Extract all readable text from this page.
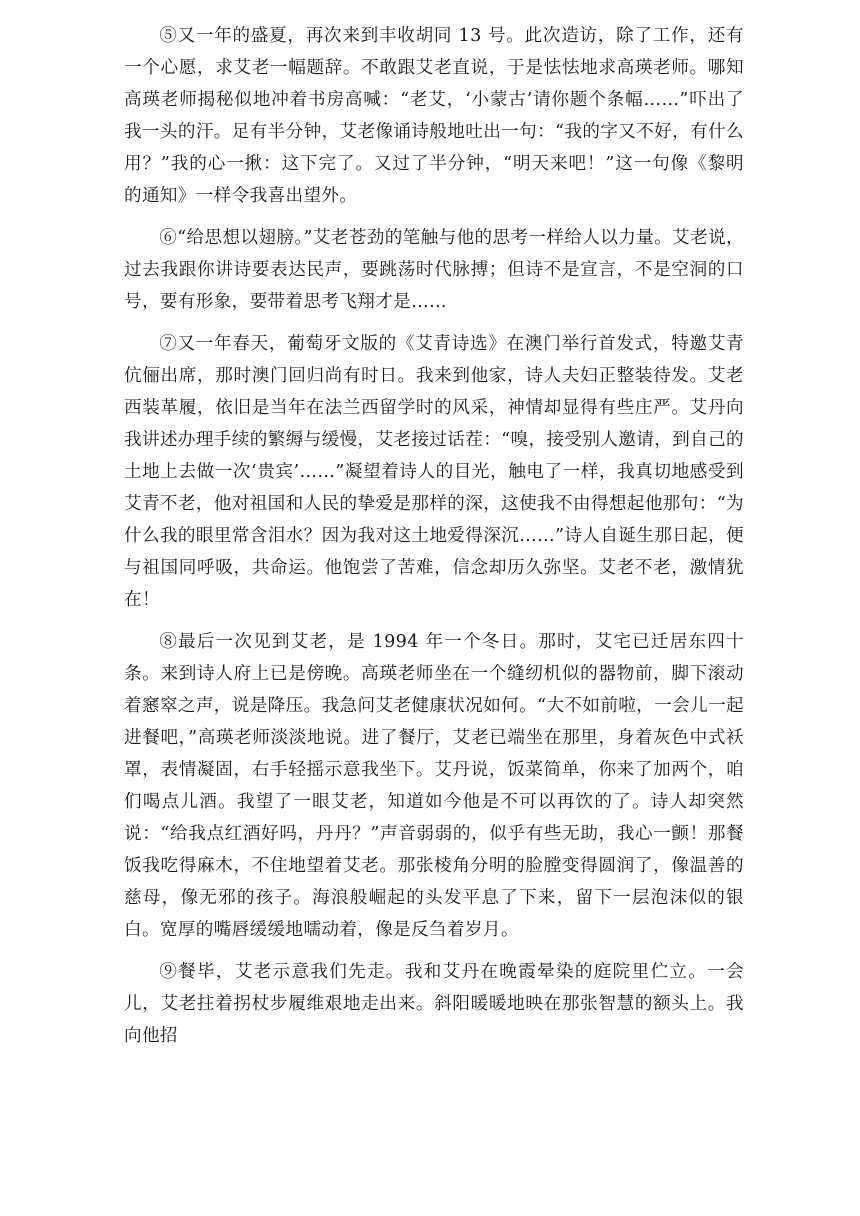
⑤又一年的盛夏，再次来到丰收胡同 13 号。此次造访，除了工作，还有一个心愿，求艾老一幅题辞。不敢跟艾老直说，于是怯怯地求高瑛老师。哪知高瑛老师揭秘似地冲着书房高喊：“老艾，‘小蒙古’请你题个条幅……”吓出了我一头的汗。足有半分钟，艾老像诵诗般地吐出一句：“我的字又不好，有什么用？”我的心一揪：这下完了。又过了半分钟，“明天来吧！”这一句像《黎明的通知》一样令我喜出望外。

⑥“给思想以翅膀。”艾老苍劲的笔触与他的思考一样给人以力量。艾老说，过去我跟你讲诗要表达民声，要跳荡时代脉搏；但诗不是宣言，不是空洞的口号，要有形象，要带着思考飞翔才是……

⑦又一年春天，葡萄牙文版的《艾青诗选》在澳门举行首发式，特邀艾青伉俪出席，那时澳门回归尚有时日。我来到他家，诗人夫妇正整装待发。艾老西装革履，依旧是当年在法兰西留学时的风采，神情却显得有些庄严。艾丹向我讲述办理手续的繁缛与缓慢，艾老接过话茬：“嗅，接受别人邀请，到自己的土地上去做一次‘贵宾’……”凝望着诗人的目光，触电了一样，我真切地感受到艾青不老，他对祖国和人民的挚爱是那样的深，这使我不由得想起他那句：“为什么我的眼里常含泪水？因为我对这土地爱得深沉……”诗人自诞生那日起，便与祖国同呼吸，共命运。他饱尝了苦难，信念却历久弥坚。艾老不老，激情犹在！

⑧最后一次见到艾老，是 1994 年一个冬日。那时，艾宅已迁居东四十条。来到诗人府上已是傍晚。高瑛老师坐在一个缝纫机似的器物前，脚下滚动着窸窣之声，说是降压。我急问艾老健康状况如何。“大不如前啦，一会儿一起进餐吧，”高瑛老师淡淡地说。进了餐厅，艾老已端坐在那里，身着灰色中式袄罩，表情凝固，右手轻摇示意我坐下。艾丹说，饭菜简单，你来了加两个，咱们喝点儿酒。我望了一眼艾老，知道如今他是不可以再饮的了。诗人却突然说：“给我点红酒好吗，丹丹？”声音弱弱的，似乎有些无助，我心一颤！那餐饭我吃得麻木，不住地望着艾老。那张棱角分明的脸膛变得圆润了，像温善的慈母，像无邪的孩子。海浪般崛起的头发平息了下来，留下一层泡沫似的银白。宽厚的嘴唇缓缓地嚅动着，像是反刍着岁月。

⑨餐毕，艾老示意我们先走。我和艾丹在晚霞晕染的庭院里伫立。一会儿，艾老拄着拐杖步履维艰地走出来。斜阳暖暖地映在那张智慧的额头上。我向他招
